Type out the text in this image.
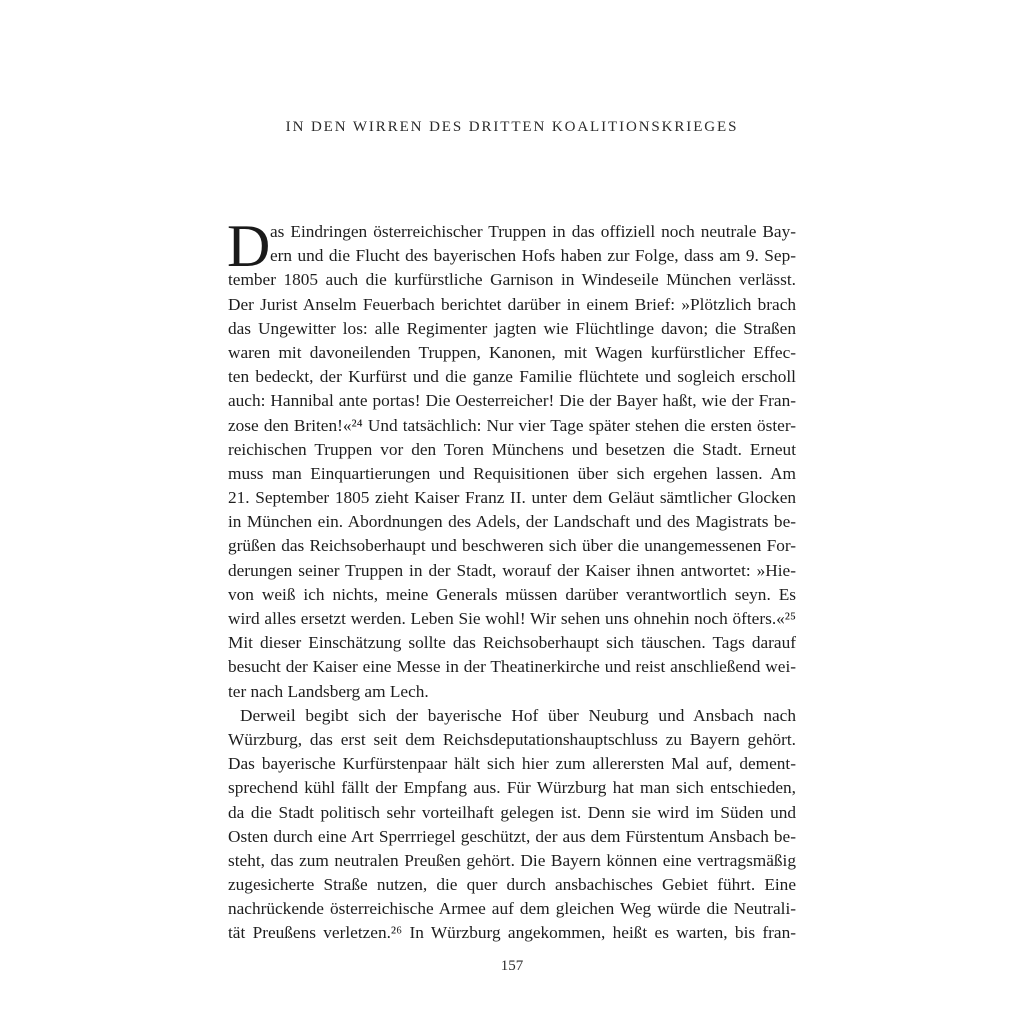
IN DEN WIRREN DES DRITTEN KOALITIONSKRIEGES
D as Eindringen österreichischer Truppen in das offiziell noch neutrale Bay-
ern und die Flucht des bayerischen Hofs haben zur Folge, dass am 9. Sep-
tember 1805 auch die kurfürstliche Garnison in Windeseile München verlässt.
Der Jurist Anselm Feuerbach berichtet darüber in einem Brief: »Plötzlich brach
das Ungewitter los: alle Regimenter jagten wie Flüchtlinge davon; die Straßen
waren mit davoneilenden Truppen, Kanonen, mit Wagen kurfürstlicher Effec-
ten bedeckt, der Kurfürst und die ganze Familie flüchtete und sogleich erscholl
auch: Hannibal ante portas! Die Oesterreicher! Die der Bayer haßt, wie der Fran-
zose den Briten!«²⁴ Und tatsächlich: Nur vier Tage später stehen die ersten öster-
reichischen Truppen vor den Toren Münchens und besetzen die Stadt. Erneut
muss man Einquartierungen und Requisitionen über sich ergehen lassen. Am
21. September 1805 zieht Kaiser Franz II. unter dem Geläut sämtlicher Glocken
in München ein. Abordnungen des Adels, der Landschaft und des Magistrats be-
grüßen das Reichsoberhaupt und beschweren sich über die unangemessenen For-
derungen seiner Truppen in der Stadt, worauf der Kaiser ihnen antwortet: »Hie-
von weiß ich nichts, meine Generals müssen darüber verantwortlich seyn. Es
wird alles ersetzt werden. Leben Sie wohl! Wir sehen uns ohnehin noch öfters.«²⁵
Mit dieser Einschätzung sollte das Reichsoberhaupt sich täuschen. Tags darauf
besucht der Kaiser eine Messe in der Theatinerkirche und reist anschließend wei-
ter nach Landsberg am Lech.
Derweil begibt sich der bayerische Hof über Neuburg und Ansbach nach
Würzburg, das erst seit dem Reichsdeputationshauptschluss zu Bayern gehört.
Das bayerische Kurfürstenpaar hält sich hier zum allerersten Mal auf, dement-
sprechend kühl fällt der Empfang aus. Für Würzburg hat man sich entschieden,
da die Stadt politisch sehr vorteilhaft gelegen ist. Denn sie wird im Süden und
Osten durch eine Art Sperrriegel geschützt, der aus dem Fürstentum Ansbach be-
steht, das zum neutralen Preußen gehört. Die Bayern können eine vertragsmäßig
zugesicherte Straße nutzen, die quer durch ansbachisches Gebiet führt. Eine
nachrückende österreichische Armee auf dem gleichen Weg würde die Neutrali-
tät Preußens verletzen.²⁶ In Würzburg angekommen, heißt es warten, bis fran-
157
